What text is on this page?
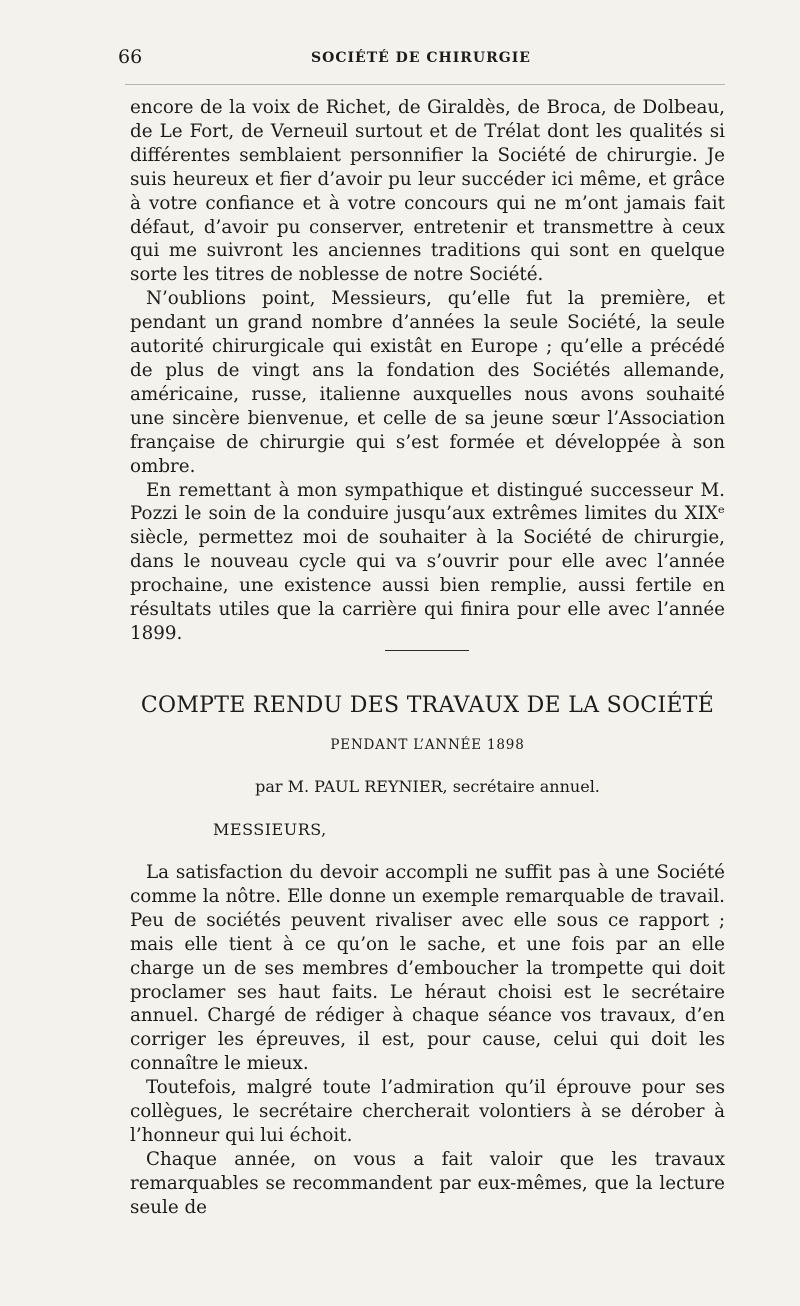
66	SOCIÉTÉ DE CHIRURGIE

encore de la voix de Richet, de Giraldès, de Broca, de Dolbeau, de Le Fort, de Verneuil surtout et de Trélat dont les qualités si différentes semblaient personnifier la Société de chirurgie. Je suis heureux et fier d’avoir pu leur succéder ici même, et grâce à votre confiance et à votre concours qui ne m’ont jamais fait défaut, d’avoir pu conserver, entretenir et transmettre à ceux qui me suivront les anciennes traditions qui sont en quelque sorte les titres de noblesse de notre Société.

N’oublions point, Messieurs, qu’elle fut la première, et pendant un grand nombre d’années la seule Société, la seule autorité chirurgicale qui existât en Europe ; qu’elle a précédé de plus de vingt ans la fondation des Sociétés allemande, américaine, russe, italienne auxquelles nous avons souhaité une sincère bienvenue, et celle de sa jeune sœur l’Association française de chirurgie qui s’est formée et développée à son ombre.

En remettant à mon sympathique et distingué successeur M. Pozzi le soin de la conduire jusqu’aux extrêmes limites du XIXᵉ siècle, permettez moi de souhaiter à la Société de chirurgie, dans le nouveau cycle qui va s’ouvrir pour elle avec l’année prochaine, une existence aussi bien remplie, aussi fertile en résultats utiles que la carrière qui finira pour elle avec l’année 1899.

COMPTE RENDU DES TRAVAUX DE LA SOCIÉTÉ
PENDANT L’ANNÉE 1898
par M. PAUL REYNIER, secrétaire annuel.
MESSIEURS,

La satisfaction du devoir accompli ne suffit pas à une Société comme la nôtre. Elle donne un exemple remarquable de travail. Peu de sociétés peuvent rivaliser avec elle sous ce rapport ; mais elle tient à ce qu’on le sache, et une fois par an elle charge un de ses membres d’emboucher la trompette qui doit proclamer ses haut faits. Le héraut choisi est le secrétaire annuel. Chargé de rédiger à chaque séance vos travaux, d’en corriger les épreuves, il est, pour cause, celui qui doit les connaître le mieux.

Toutefois, malgré toute l’admiration qu’il éprouve pour ses collègues, le secrétaire chercherait volontiers à se dérober à l’honneur qui lui échoit.

Chaque année, on vous a fait valoir que les travaux remarquables se recommandent par eux-mêmes, que la lecture seule de
